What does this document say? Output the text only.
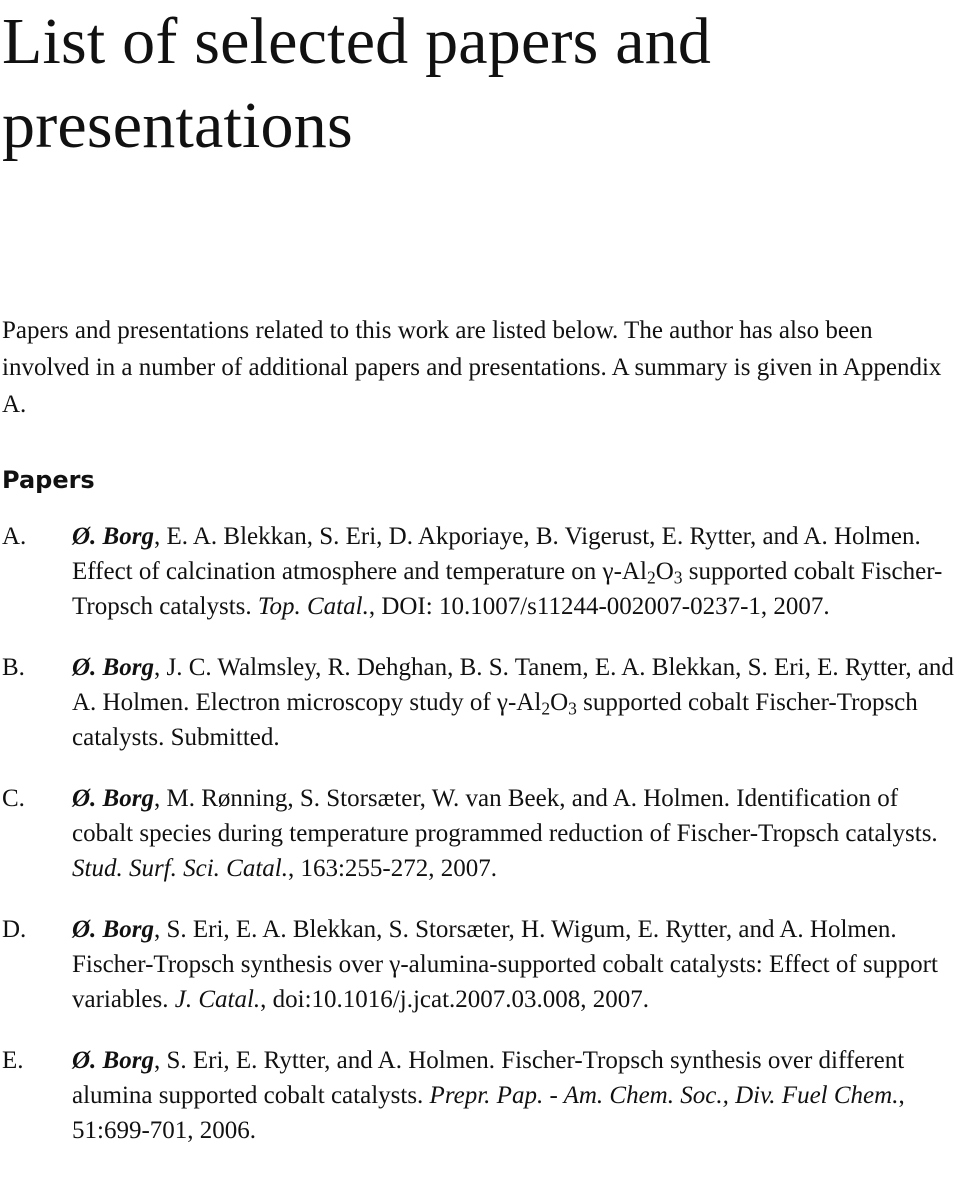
List of selected papers and presentations

Papers and presentations related to this work are listed below. The author has also been involved in a number of additional papers and presentations. A summary is given in Appendix A.

Papers
A.	Ø. Borg, E. A. Blekkan, S. Eri, D. Akporiaye, B. Vigerust, E. Rytter, and A. Holmen. Effect of calcination atmosphere and temperature on $\gamma-Al_2O_3$ supported cobalt Fischer-Tropsch catalysts. Top. Catal., DOI: 10.1007/s11244-002007-0237-1, 2007.
B.	Ø. Borg, J. C. Walmsley, R. Dehghan, B. S. Tanem, E. A. Blekkan, S. Eri, E. Rytter, and A. Holmen. Electron microscopy study of $\gamma-Al_2O_3$ supported cobalt Fischer-Tropsch catalysts. Submitted.
C.	Ø. Borg, M. Rønning, S. Storsæter, W. van Beek, and A. Holmen. Identification of cobalt species during temperature programmed reduction of Fischer-Tropsch catalysts. Stud. Surf. Sci. Catal., 163:255-272, 2007.
D.	Ø. Borg, S. Eri, E. A. Blekkan, S. Storsæter, H. Wigum, E. Rytter, and A. Holmen. Fischer-Tropsch synthesis over γ-alumina-supported cobalt catalysts: Effect of support variables. J. Catal., doi:10.1016/j.jcat.2007.03.008, 2007.
E.	Ø. Borg, S. Eri, E. Rytter, and A. Holmen. Fischer-Tropsch synthesis over different alumina supported cobalt catalysts. Prepr. Pap. - Am. Chem. Soc., Div. Fuel Chem., 51:699-701, 2006.
